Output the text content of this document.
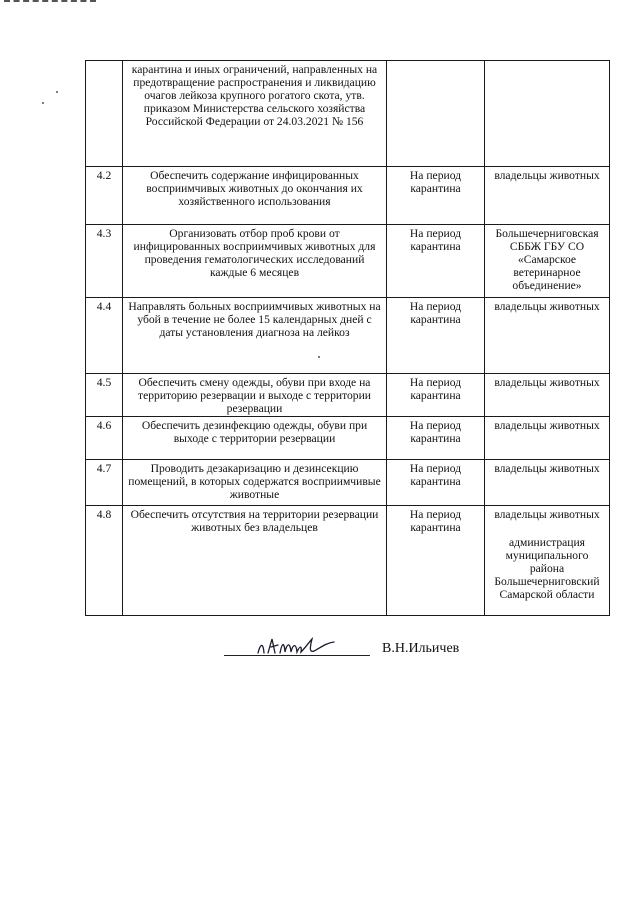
	карантина и иных ограничений, направленных на предотвращение распространения и ликвидацию очагов лейкоза крупного рогатого скота, утв. приказом Министерства сельского хозяйства Российской Федерации от 24.03.2021 № 156		
4.2	Обеспечить содержание инфицированных восприимчивых животных до окончания их хозяйственного использования	На период карантина	владельцы животных

4.3	Организовать отбор проб крови от инфицированных восприимчивых животных для проведения гематологических исследований каждые 6 месяцев	На период карантина	Большечерниговская СББЖ ГБУ СО «Самарское ветеринарное объединение»

4.4	Направлять больных восприимчивых животных на убой в течение не более 15 календарных дней с даты установления диагноза на лейкоз	На период карантина	владельцы животных

4.5	Обеспечить смену одежды, обуви при входе на территорию резервации и выходе с территории резервации	На период карантина	владельцы животных

4.6	Обеспечить дезинфекцию одежды, обуви при выходе с территории резервации	На период карантина	владельцы животных

4.7	Проводить дезакаризацию и дезинсекцию помещений, в которых содержатся восприимчивые животные	На период карантина	владельцы животных

4.8	Обеспечить отсутствия на территории резервации животных без владельцев	На период карантина	владельцы животных
администрация муниципального района Большечерниговский Самарской области
В.Н.Ильичев
